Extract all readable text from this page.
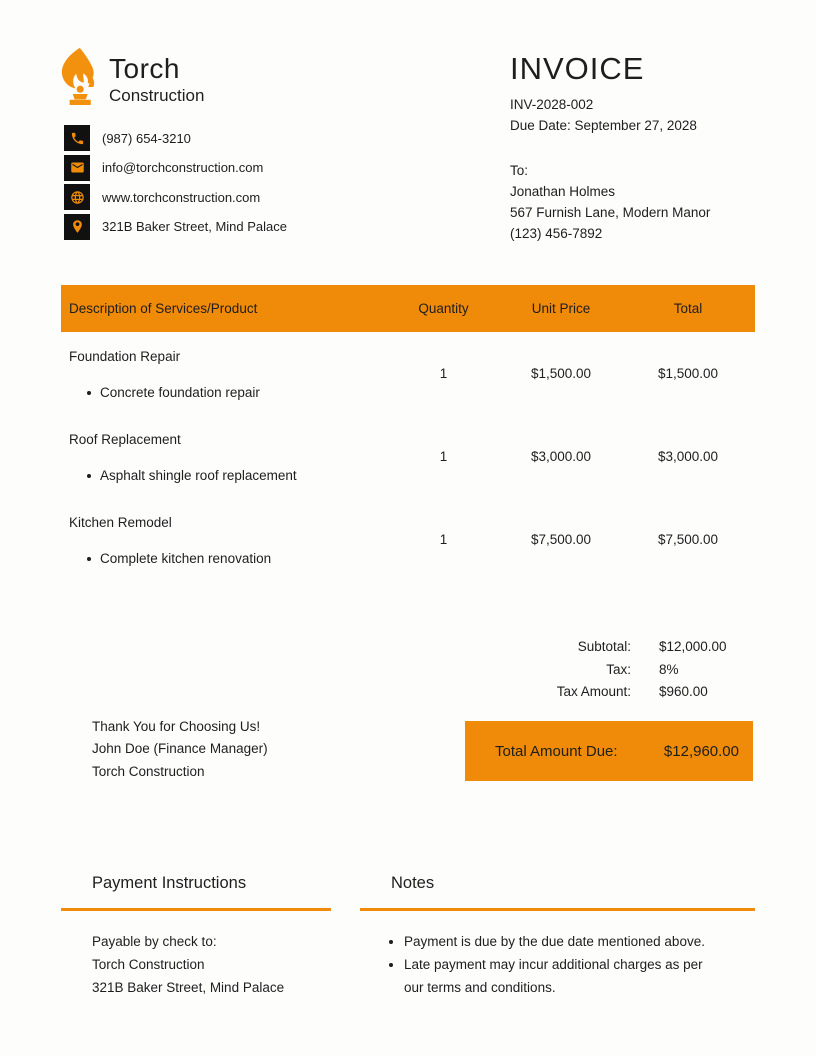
Torch
Construction
(987) 654-3210
info@torchconstruction.com
www.torchconstruction.com
321B Baker Street, Mind Palace
INVOICE
INV-2028-002
Due Date: September 27, 2028
To:
Jonathan Holmes
567 Furnish Lane, Modern Manor
(123) 456-7892
Description of Services/Product	Quantity	Unit Price	Total
Foundation Repair
Concrete foundation repair
1	$1,500.00	$1,500.00
Roof Replacement
Asphalt shingle roof replacement
1	$3,000.00	$3,000.00
Kitchen Remodel
Complete kitchen renovation
1	$7,500.00	$7,500.00
Subtotal: $12,000.00
Tax: 8%
Tax Amount: $960.00
Thank You for Choosing Us!
John Doe (Finance Manager)
Torch Construction
Total Amount Due:	$12,960.00
Payment Instructions
Payable by check to:
Torch Construction
321B Baker Street, Mind Palace
Notes
Payment is due by the due date mentioned above.
Late payment may incur additional charges as per our terms and conditions.
